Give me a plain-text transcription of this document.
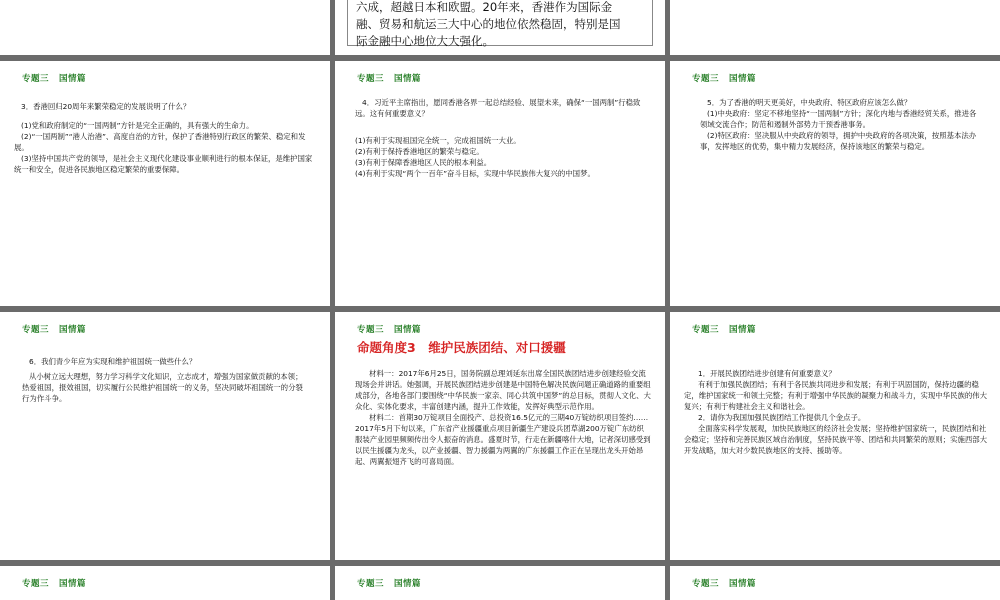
六成，超越日本和欧盟。20年来，香港作为国际金
融、贸易和航运三大中心的地位依然稳固，特别是国
际金融中心地位大大强化。
专题三 国情篇

3．香港回归20周年来繁荣稳定的发展说明了什么？

(1)党和政府制定的“一国两制”方针是完全正确的，具有强大的生命力。

(2)“一国两制”“港人治港”、高度自治的方针，保护了香港特别行政区的繁荣、稳定和发展。

(3)坚持中国共产党的领导，是社会主义现代化建设事业顺利进行的根本保证，是维护国家统一和安全，促进各民族地区稳定繁荣的重要保障。

专题三 国情篇

4．习近平主席指出，愿同香港各界一起总结经验、展望未来，确保“一国两制”行稳致远。这有何重要意义？

(1)有利于实现祖国完全统一，完成祖国统一大业。

(2)有利于保持香港地区的繁荣与稳定。

(3)有利于保障香港地区人民的根本利益。

(4)有利于实现“两个一百年”奋斗目标，实现中华民族伟大复兴的中国梦。

专题三 国情篇

5．为了香港的明天更美好，中央政府、特区政府应该怎么做？

(1)中央政府：坚定不移地坚持“一国两制”方针；深化内地与香港经贸关系，推进各领域交流合作；防范和遏制外部势力干预香港事务。

(2)特区政府：坚决服从中央政府的领导，拥护中央政府的各项决策，按照基本法办事，发挥地区的优势，集中精力发展经济，保持该地区的繁荣与稳定。

专题三 国情篇

6．我们青少年应为实现和维护祖国统一做些什么？

从小树立远大理想，努力学习科学文化知识，立志成才，增强为国家做贡献的本领；热爱祖国，报效祖国，切实履行公民维护祖国统一的义务，坚决同破坏祖国统一的分裂行为作斗争。

专题三 国情篇
命题角度3　维护民族团结、对口援疆

材料一：2017年6月25日，国务院副总理刘延东出席全国民族团结进步创建经验交流现场会并讲话。她强调，开展民族团结进步创建是中国特色解决民族问题正确道路的重要组成部分，各地各部门要围绕“中华民族一家亲、同心共筑中国梦”的总目标，贯彻人文化、大众化、实体化要求，丰富创建内涵，提升工作效能，发挥好典型示范作用。

材料二：首期30万锭项目全面投产、总投资16.5亿元的三期40万锭纺织项目签约……2017年5月下旬以来，广东省产业援疆重点项目新疆生产建设兵团草湖200万锭广东纺织服装产业园里频频传出令人振奋的消息。盛夏时节，行走在新疆喀什大地，记者深切感受到以民生援疆为龙头，以产业援疆、智力援疆为两翼的广东援疆工作正在呈现出龙头开始昂起、两翼振翅齐飞的可喜局面。

专题三 国情篇

1．开展民族团结进步创建有何重要意义？

有利于加强民族团结；有利于各民族共同进步和发展；有利于巩固国防，保持边疆的稳定，维护国家统一和领土完整；有利于增强中华民族的凝聚力和战斗力，实现中华民族的伟大复兴；有利于构建社会主义和谐社会。

2．请你为我国加强民族团结工作提供几个金点子。

全面落实科学发展观，加快民族地区的经济社会发展；坚持维护国家统一，民族团结和社会稳定；坚持和完善民族区域自治制度，坚持民族平等、团结和共同繁荣的原则；实施西部大开发战略，加大对少数民族地区的支持、援助等。

专题三 国情篇	专题三 国情篇	专题三 国情篇
